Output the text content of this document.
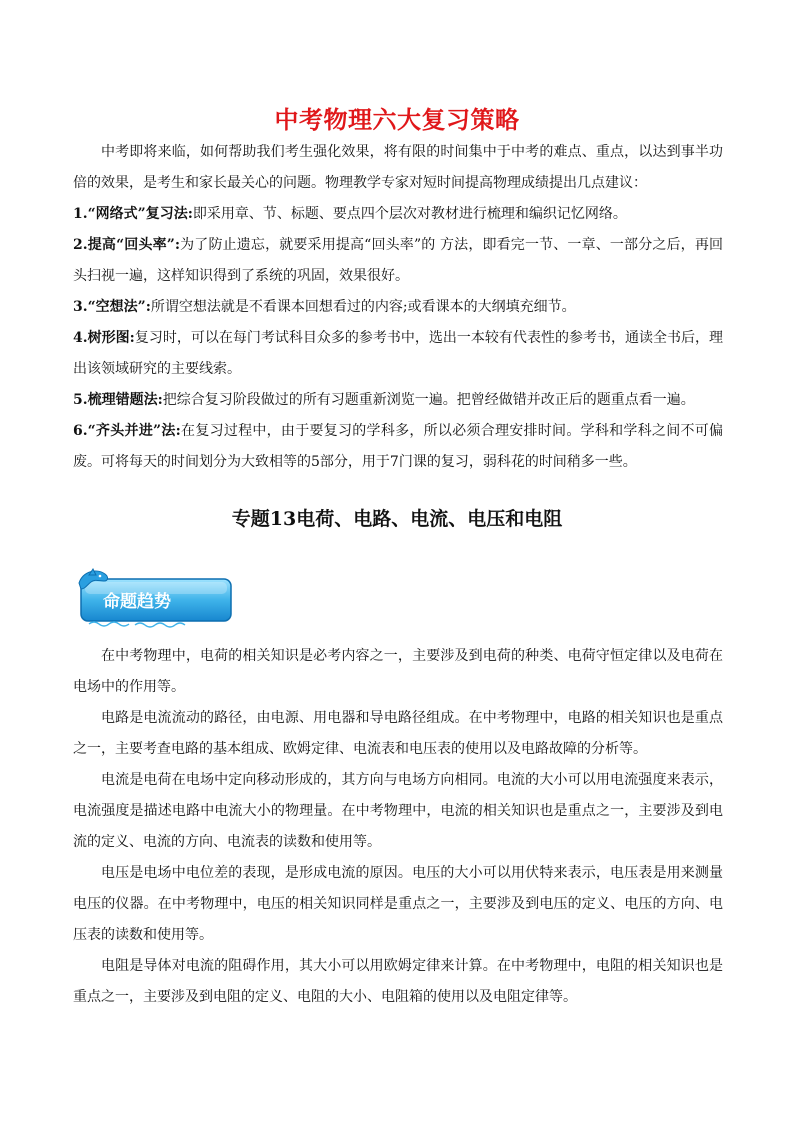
中考物理六大复习策略

中考即将来临，如何帮助我们考生强化效果，将有限的时间集中于中考的难点、重点，以达到事半功倍的效果，是考生和家长最关心的问题。物理教学专家对短时间提高物理成绩提出几点建议：

1.“网络式”复习法:即采用章、节、标题、要点四个层次对教材进行梳理和编织记忆网络。

2.提高“回头率”:为了防止遗忘，就要采用提高“回头率”的 方法，即看完一节、一章、一部分之后，再回头扫视一遍，这样知识得到了系统的巩固，效果很好。

3.“空想法”:所谓空想法就是不看课本回想看过的内容;或看课本的大纲填充细节。

4.树形图:复习时，可以在每门考试科目众多的参考书中，选出一本较有代表性的参考书，通读全书后，理出该领域研究的主要线索。

5.梳理错题法:把综合复习阶段做过的所有习题重新浏览一遍。把曾经做错并改正后的题重点看一遍。

6.“齐头并进”法:在复习过程中，由于要复习的学科多，所以必须合理安排时间。学科和学科之间不可偏废。可将每天的时间划分为大致相等的5部分，用于7门课的复习，弱科花的时间稍多一些。

专题13电荷、电路、电流、电压和电阻
命题趋势

在中考物理中，电荷的相关知识是必考内容之一，主要涉及到电荷的种类、电荷守恒定律以及电荷在电场中的作用等。

电路是电流流动的路径，由电源、用电器和导电路径组成。在中考物理中，电路的相关知识也是重点之一，主要考查电路的基本组成、欧姆定律、电流表和电压表的使用以及电路故障的分析等。

电流是电荷在电场中定向移动形成的，其方向与电场方向相同。电流的大小可以用电流强度来表示，电流强度是描述电路中电流大小的物理量。在中考物理中，电流的相关知识也是重点之一，主要涉及到电流的定义、电流的方向、电流表的读数和使用等。

电压是电场中电位差的表现，是形成电流的原因。电压的大小可以用伏特来表示，电压表是用来测量电压的仪器。在中考物理中，电压的相关知识同样是重点之一，主要涉及到电压的定义、电压的方向、电压表的读数和使用等。

电阻是导体对电流的阻碍作用，其大小可以用欧姆定律来计算。在中考物理中，电阻的相关知识也是重点之一，主要涉及到电阻的定义、电阻的大小、电阻箱的使用以及电阻定律等。
